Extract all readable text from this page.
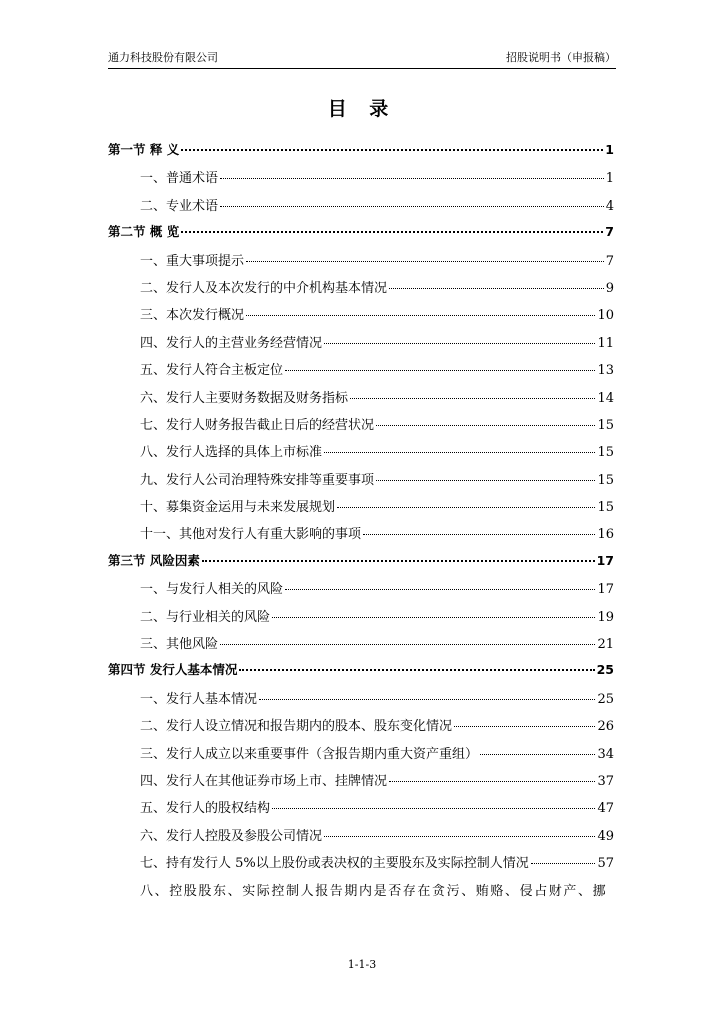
通力科技股份有限公司	招股说明书（申报稿）
目 录
第一节 释 义	1
一、普通术语	1
二、专业术语	4
第二节 概 览	7
一、重大事项提示	7
二、发行人及本次发行的中介机构基本情况	9
三、本次发行概况	10
四、发行人的主营业务经营情况	11
五、发行人符合主板定位	13
六、发行人主要财务数据及财务指标	14
七、发行人财务报告截止日后的经营状况	15
八、发行人选择的具体上市标准	15
九、发行人公司治理特殊安排等重要事项	15
十、募集资金运用与未来发展规划	15
十一、其他对发行人有重大影响的事项	16
第三节 风险因素	17
一、与发行人相关的风险	17
二、与行业相关的风险	19
三、其他风险	21
第四节 发行人基本情况	25
一、发行人基本情况	25
二、发行人设立情况和报告期内的股本、股东变化情况	26
三、发行人成立以来重要事件（含报告期内重大资产重组）	34
四、发行人在其他证券市场上市、挂牌情况	37
五、发行人的股权结构	47
六、发行人控股及参股公司情况	49
七、持有发行人 5%以上股份或表决权的主要股东及实际控制人情况	57
八、控股股东、实际控制人报告期内是否存在贪污、贿赂、侵占财产、挪
1-1-3
